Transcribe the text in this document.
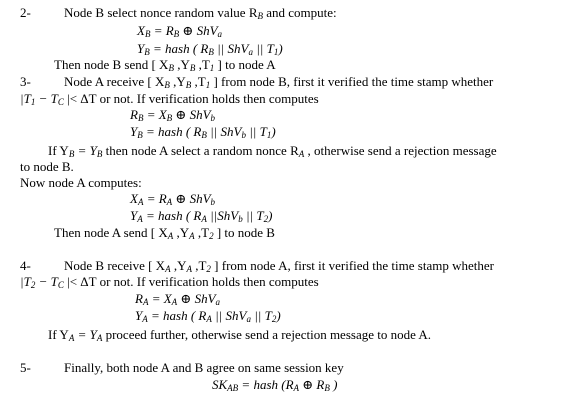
2-	Node B select nonce random value $R_B$ and compute:
$X_B = R_B$ ⊕ ShV$_a$
$Y_B$ = hash ( $R_B$ || ShV$_a$ || $T_1$)
Then node B send [ $X_B$ $,Y_B$ $,T_1$ ] to node A
3-	Node A receive [ $X_B$ $,Y_B$ $,T_1$ ] from node B, first it verified the time stamp whether
$|T_1 - T_C$ |< ΔT or not. If verification holds then computes
$R_B = X_B$ ⊕ ShV$_b$
$Y_B$ = hash ( $R_B$ || ShV$_b$ || $T_1$)
If $Y_B = Y_B$ then node A select a random nonce $R_A$ , otherwise send a rejection message
to node B.
Now node A computes:
$X_A = R_A$ ⊕ ShV$_b$
$Y_A$ = hash ( $R_A$ ||ShV$_b$ || $T_2$)
Then node A send [ $X_A$ $,Y_A$ $,T_2$ ] to node B
4-	Node B receive [ $X_A$ $,Y_A$ $,T_2$ ] from node A, first it verified the time stamp whether
$|T_2 - T_C$ |< ΔT or not. If verification holds then computes
$R_A = X_A$ ⊕ ShV$_a$
$Y_A$ = hash ( $R_A$ || ShV$_a$ || $T_2$)
If $Y_A = Y_A$ proceed further, otherwise send a rejection message to node A.
5-	Finally, both node A and B agree on same session key
$SK_{AB}$ = hash ($R_A$ ⊕ $R_B$ )
